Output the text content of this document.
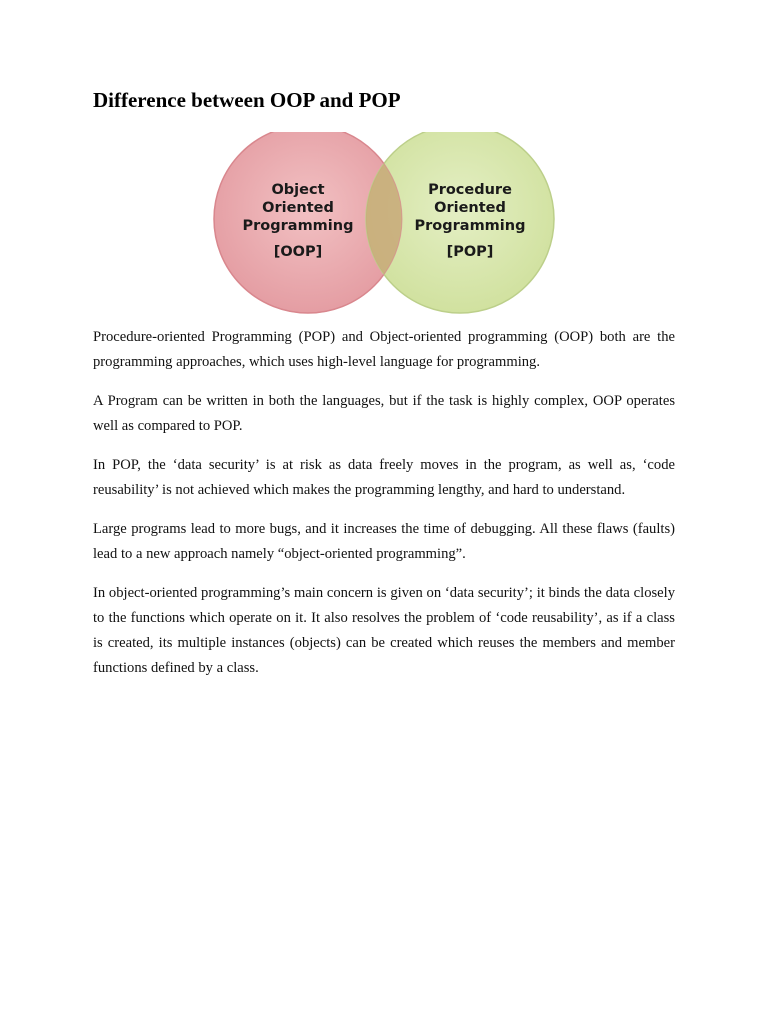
Difference between OOP and POP
Object
Oriented
Programming
[OOP]
Procedure
Oriented
Programming
[POP]

Procedure-oriented Programming (POP) and Object-oriented programming (OOP) both are the programming approaches, which uses high-level language for programming.

A Program can be written in both the languages, but if the task is highly complex, OOP operates well as compared to POP.

In POP, the ‘data security’ is at risk as data freely moves in the program, as well as, ‘code reusability’ is not achieved which makes the programming lengthy, and hard to understand.

Large programs lead to more bugs, and it increases the time of debugging. All these flaws (faults) lead to a new approach namely “object-oriented programming”.

In object-oriented programming’s main concern is given on ‘data security’; it binds the data closely to the functions which operate on it. It also resolves the problem of ‘code reusability’, as if a class is created, its multiple instances (objects) can be created which reuses the members and member functions defined by a class.
